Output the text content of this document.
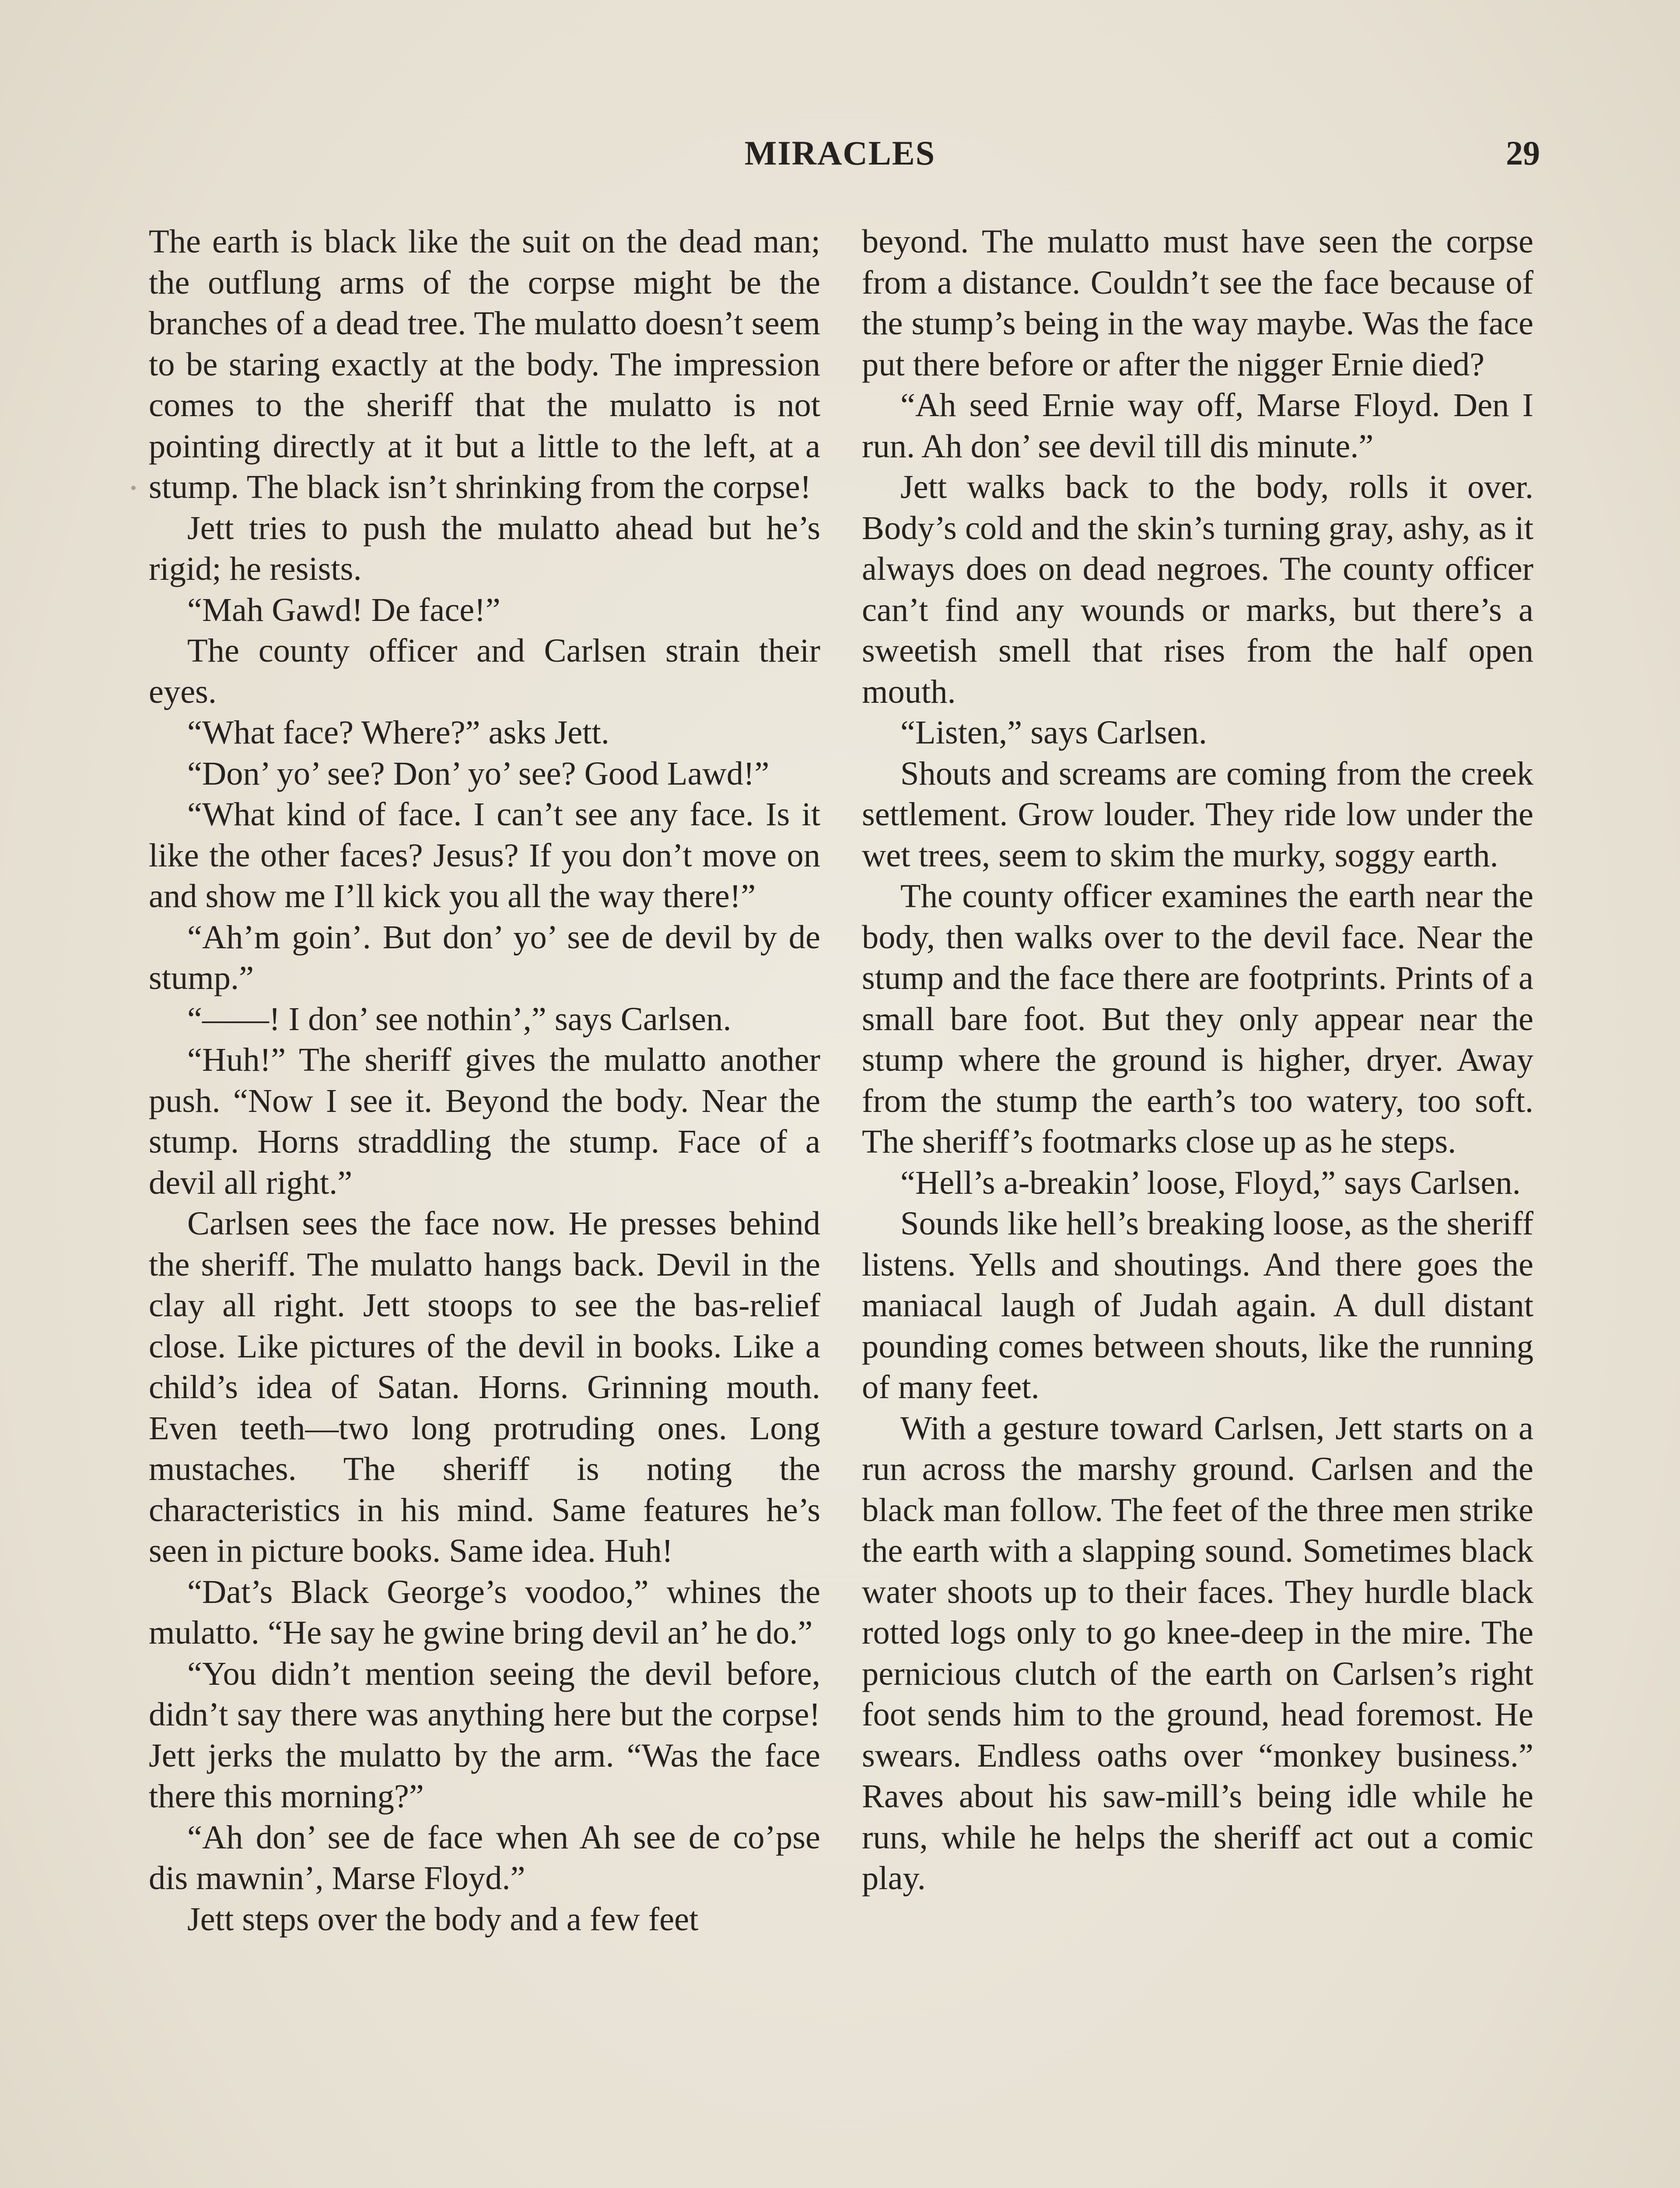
MIRACLES	29

The earth is black like the suit on the dead man; the outflung arms of the corpse might be the branches of a dead tree. The mulatto doesn’t seem to be staring exactly at the body. The impression comes to the sheriff that the mulatto is not pointing directly at it but a little to the left, at a stump. The black isn’t shrinking from the corpse!

Jett tries to push the mulatto ahead but he’s rigid; he resists.

“Mah Gawd! De face!”

The county officer and Carlsen strain their eyes.

“What face? Where?” asks Jett.

“Don’ yo’ see? Don’ yo’ see? Good Lawd!”

“What kind of face. I can’t see any face. Is it like the other faces? Jesus? If you don’t move on and show me I’ll kick you all the way there!”

“Ah’m goin’. But don’ yo’ see de devil by de stump.”

“——! I don’ see nothin’,” says Carlsen.

“Huh!” The sheriff gives the mulatto another push. “Now I see it. Beyond the body. Near the stump. Horns straddling the stump. Face of a devil all right.”

Carlsen sees the face now. He presses behind the sheriff. The mulatto hangs back. Devil in the clay all right. Jett stoops to see the bas-relief close. Like pictures of the devil in books. Like a child’s idea of Satan. Horns. Grinning mouth. Even teeth—two long protruding ones. Long mustaches. The sheriff is noting the characteristics in his mind. Same features he’s seen in picture books. Same idea. Huh!

“Dat’s Black George’s voodoo,” whines the mulatto. “He say he gwine bring devil an’ he do.”

“You didn’t mention seeing the devil before, didn’t say there was anything here but the corpse! Jett jerks the mulatto by the arm. “Was the face there this morning?”

“Ah don’ see de face when Ah see de co’pse dis mawnin’, Marse Floyd.”

Jett steps over the body and a few feet

beyond. The mulatto must have seen the corpse from a distance. Couldn’t see the face because of the stump’s being in the way maybe. Was the face put there before or after the nigger Ernie died?

“Ah seed Ernie way off, Marse Floyd. Den I run. Ah don’ see devil till dis minute.”

Jett walks back to the body, rolls it over. Body’s cold and the skin’s turning gray, ashy, as it always does on dead negroes. The county officer can’t find any wounds or marks, but there’s a sweetish smell that rises from the half open mouth.

“Listen,” says Carlsen.

Shouts and screams are coming from the creek settlement. Grow louder. They ride low under the wet trees, seem to skim the murky, soggy earth.

The county officer examines the earth near the body, then walks over to the devil face. Near the stump and the face there are footprints. Prints of a small bare foot. But they only appear near the stump where the ground is higher, dryer. Away from the stump the earth’s too watery, too soft. The sheriff’s footmarks close up as he steps.

“Hell’s a-breakin’ loose, Floyd,” says Carlsen.

Sounds like hell’s breaking loose, as the sheriff listens. Yells and shoutings. And there goes the maniacal laugh of Judah again. A dull distant pounding comes between shouts, like the running of many feet.

With a gesture toward Carlsen, Jett starts on a run across the marshy ground. Carlsen and the black man follow. The feet of the three men strike the earth with a slapping sound. Sometimes black water shoots up to their faces. They hurdle black rotted logs only to go knee-deep in the mire. The pernicious clutch of the earth on Carlsen’s right foot sends him to the ground, head foremost. He swears. Endless oaths over “monkey business.” Raves about his saw-mill’s being idle while he runs, while he helps the sheriff act out a comic play.
